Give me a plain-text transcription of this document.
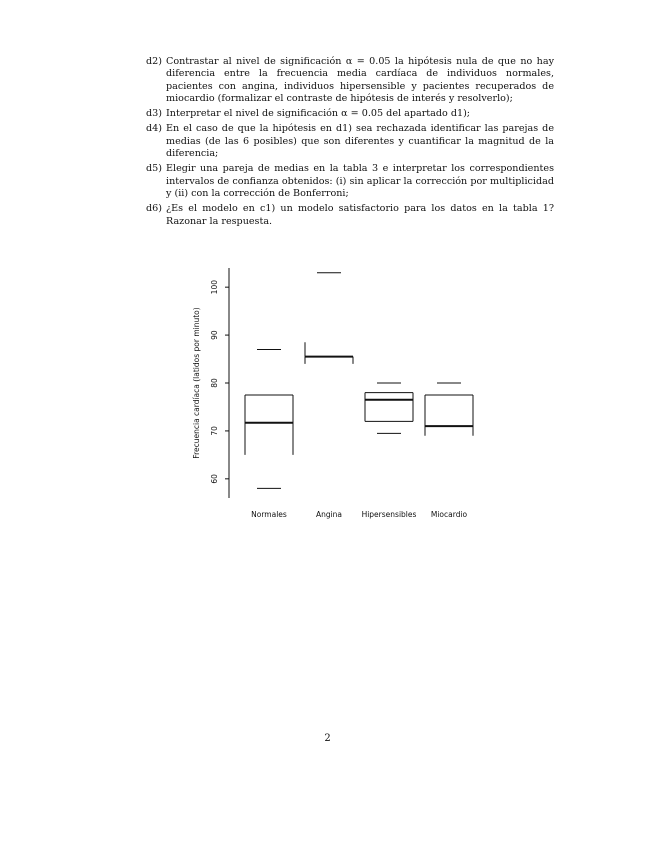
d2) Contrastar al nivel de significación α = 0.05 la hipótesis nula de que no hay diferencia entre la frecuencia media cardíaca de individuos normales, pacientes con angina, individuos hipersensible y pacientes recuperados de miocardio (formalizar el contraste de hipótesis de interés y resolverlo);
d3) Interpretar el nivel de significación α = 0.05 del apartado d1);
d4) En el caso de que la hipótesis en d1) sea rechazada identificar las parejas de medias (de las 6 posibles) que son diferentes y cuantificar la magnitud de la diferencia;
d5) Elegir una pareja de medias en la tabla 3 e interpretar los correspondientes intervalos de confianza obtenidos: (i) sin aplicar la corrección por multiplicidad y (ii) con la corrección de Bonferroni;
d6) ¿Es el modelo en c1) un modelo satisfactorio para los datos en la tabla 1? Razonar la respuesta.
60
70
80
90
100
Normales	Angina	Hipersensibles Miocardio
Frecuencia cardíaca (latidos por minuto)
2
